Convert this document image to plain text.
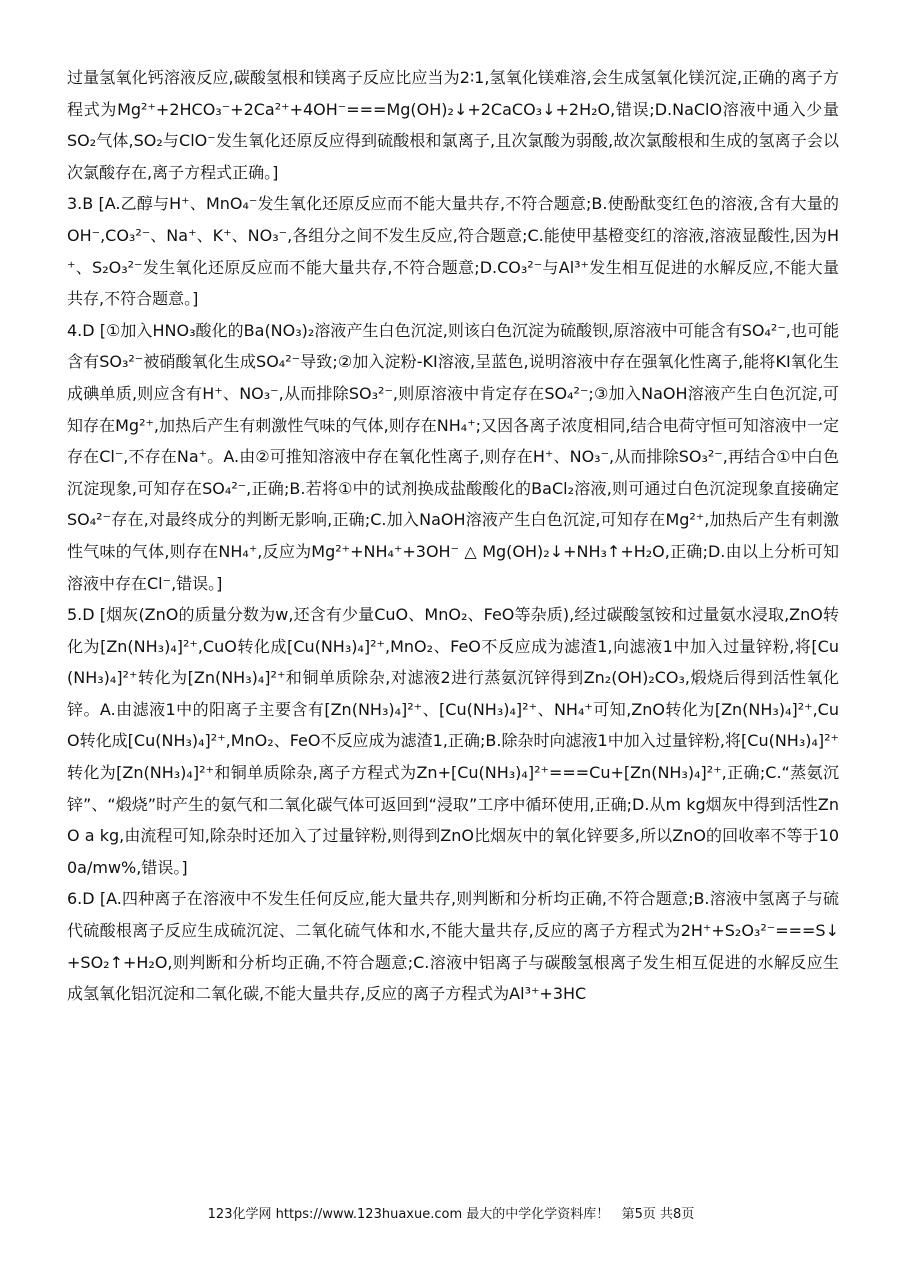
过量氢氧化钙溶液反应,碳酸氢根和镁离子反应比应当为2∶1,氢氧化镁难溶,会生成氢氧化镁沉淀,正确的离子方程式为Mg²⁺+2HCO₃⁻+2Ca²⁺+4OH⁻===Mg(OH)₂↓+2CaCO₃↓+2H₂O,错误;D.NaClO溶液中通入少量SO₂气体,SO₂与ClO⁻发生氧化还原反应得到硫酸根和氯离子,且次氯酸为弱酸,故次氯酸根和生成的氢离子会以次氯酸存在,离子方程式正确。]

3.B [A.乙醇与H⁺、MnO₄⁻发生氧化还原反应而不能大量共存,不符合题意;B.使酚酞变红色的溶液,含有大量的OH⁻,CO₃²⁻、Na⁺、K⁺、NO₃⁻,各组分之间不发生反应,符合题意;C.能使甲基橙变红的溶液,溶液显酸性,因为H⁺、S₂O₃²⁻发生氧化还原反应而不能大量共存,不符合题意;D.CO₃²⁻与Al³⁺发生相互促进的水解反应,不能大量共存,不符合题意。]

4.D [①加入HNO₃酸化的Ba(NO₃)₂溶液产生白色沉淀,则该白色沉淀为硫酸钡,原溶液中可能含有SO₄²⁻,也可能含有SO₃²⁻被硝酸氧化生成SO₄²⁻导致;②加入淀粉-KI溶液,呈蓝色,说明溶液中存在强氧化性离子,能将KI氧化生成碘单质,则应含有H⁺、NO₃⁻,从而排除SO₃²⁻,则原溶液中肯定存在SO₄²⁻;③加入NaOH溶液产生白色沉淀,可知存在Mg²⁺,加热后产生有刺激性气味的气体,则存在NH₄⁺;又因各离子浓度相同,结合电荷守恒可知溶液中一定存在Cl⁻,不存在Na⁺。A.由②可推知溶液中存在氧化性离子,则存在H⁺、NO₃⁻,从而排除SO₃²⁻,再结合①中白色沉淀现象,可知存在SO₄²⁻,正确;B.若将①中的试剂换成盐酸酸化的BaCl₂溶液,则可通过白色沉淀现象直接确定SO₄²⁻存在,对最终成分的判断无影响,正确;C.加入NaOH溶液产生白色沉淀,可知存在Mg²⁺,加热后产生有刺激性气味的气体,则存在NH₄⁺,反应为Mg²⁺+NH₄⁺+3OH⁻ △ Mg(OH)₂↓+NH₃↑+H₂O,正确;D.由以上分析可知溶液中存在Cl⁻,错误。]

5.D [烟灰(ZnO的质量分数为w,还含有少量CuO、MnO₂、FeO等杂质),经过碳酸氢铵和过量氨水浸取,ZnO转化为[Zn(NH₃)₄]²⁺,CuO转化成[Cu(NH₃)₄]²⁺,MnO₂、FeO不反应成为滤渣1,向滤液1中加入过量锌粉,将[Cu(NH₃)₄]²⁺转化为[Zn(NH₃)₄]²⁺和铜单质除杂,对滤液2进行蒸氨沉锌得到Zn₂(OH)₂CO₃,煅烧后得到活性氧化锌。A.由滤液1中的阳离子主要含有[Zn(NH₃)₄]²⁺、[Cu(NH₃)₄]²⁺、NH₄⁺可知,ZnO转化为[Zn(NH₃)₄]²⁺,CuO转化成[Cu(NH₃)₄]²⁺,MnO₂、FeO不反应成为滤渣1,正确;B.除杂时向滤液1中加入过量锌粉,将[Cu(NH₃)₄]²⁺转化为[Zn(NH₃)₄]²⁺和铜单质除杂,离子方程式为Zn+[Cu(NH₃)₄]²⁺===Cu+[Zn(NH₃)₄]²⁺,正确;C.“蒸氨沉锌”、“煅烧”时产生的氨气和二氧化碳气体可返回到“浸取”工序中循环使用,正确;D.从m kg烟灰中得到活性ZnO a kg,由流程可知,除杂时还加入了过量锌粉,则得到ZnO比烟灰中的氧化锌要多,所以ZnO的回收率不等于100a/mw%,错误。]

6.D [A.四种离子在溶液中不发生任何反应,能大量共存,则判断和分析均正确,不符合题意;B.溶液中氢离子与硫代硫酸根离子反应生成硫沉淀、二氧化硫气体和水,不能大量共存,反应的离子方程式为2H⁺+S₂O₃²⁻===S↓+SO₂↑+H₂O,则判断和分析均正确,不符合题意;C.溶液中铝离子与碳酸氢根离子发生相互促进的水解反应生成氢氧化铝沉淀和二氧化碳,不能大量共存,反应的离子方程式为Al³⁺+3HC

123化学网 https://www.123huaxue.com 最大的中学化学资料库！   第5页 共8页
